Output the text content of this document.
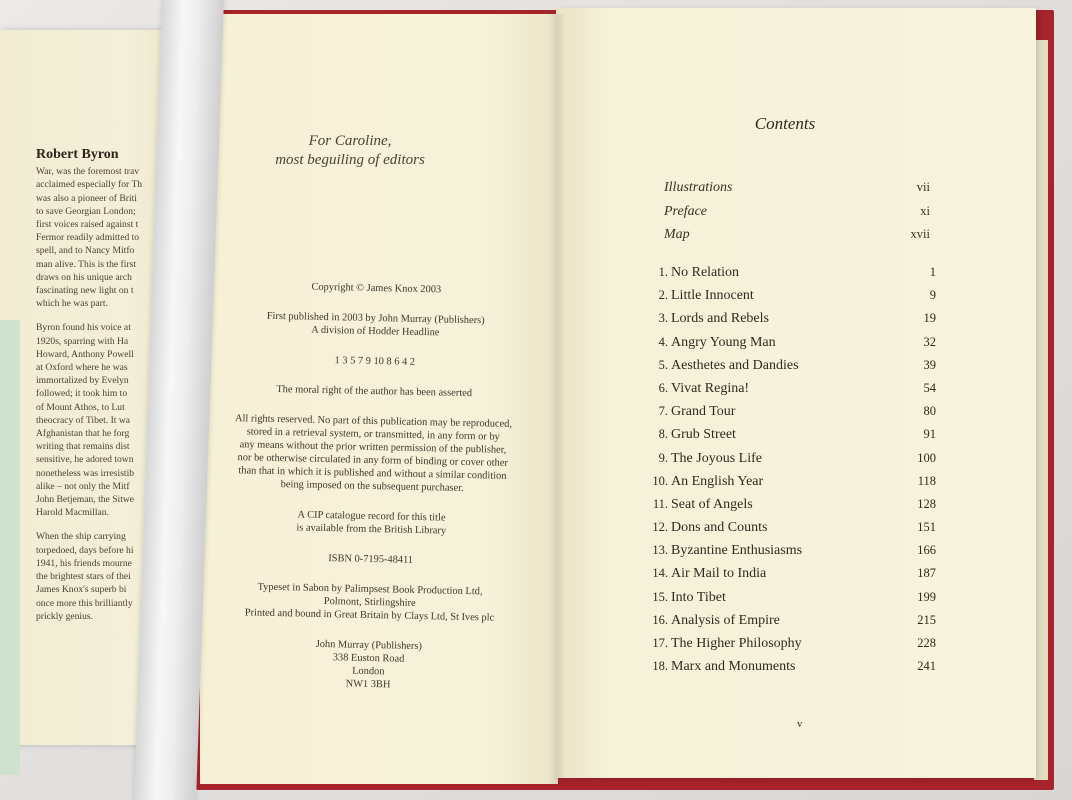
Robert Byron
War, was the foremost trav
acclaimed especially for Th
was also a pioneer of Briti
to save Georgian London;
first voices raised against t
Fermor readily admitted to
spell, and to Nancy Mitfo
man alive. This is the first
draws on his unique arch
fascinating new light on t
which he was part.
Byron found his voice at
1920s, sparring with Ha
Howard, Anthony Powell
at Oxford where he was
immortalized by Evelyn
followed; it took him to
of Mount Athos, to Lut
theocracy of Tibet. It wa
Afghanistan that he forg
writing that remains dist
sensitive, he adored town
nonetheless was irresistib
alike – not only the Mitf
John Betjeman, the Sitwe
Harold Macmillan.
When the ship carrying
torpedoed, days before hi
1941, his friends mourne
the brightest stars of thei
James Knox's superb bi
once more this brilliantly
prickly genius.
For Caroline,
most beguiling of editors
Copyright © James Knox 2003
First published in 2003 by John Murray (Publishers)
A division of Hodder Headline
1 3 5 7 9 10 8 6 4 2
The moral right of the author has been asserted
All rights reserved. No part of this publication may be reproduced,
stored in a retrieval system, or transmitted, in any form or by
any means without the prior written permission of the publisher,
nor be otherwise circulated in any form of binding or cover other
than that in which it is published and without a similar condition
being imposed on the subsequent purchaser.
A CIP catalogue record for this title
is available from the British Library
ISBN 0-7195-48411
Typeset in Sabon by Palimpsest Book Production Ltd,
Polmont, Stirlingshire
Printed and bound in Great Britain by Clays Ltd, St Ives plc
John Murray (Publishers)
338 Euston Road
London
NW1 3BH
Contents
Illustrations	vii
Preface	xi
Map	xvii
1. No Relation	1
2. Little Innocent	9
3. Lords and Rebels	19
4. Angry Young Man	32
5. Aesthetes and Dandies	39
6. Vivat Regina!	54
7. Grand Tour	80
8. Grub Street	91
9. The Joyous Life	100
10. An English Year	118
11. Seat of Angels	128
12. Dons and Counts	151
13. Byzantine Enthusiasms	166
14. Air Mail to India	187
15. Into Tibet	199
16. Analysis of Empire	215
17. The Higher Philosophy	228
18. Marx and Monuments	241
v
